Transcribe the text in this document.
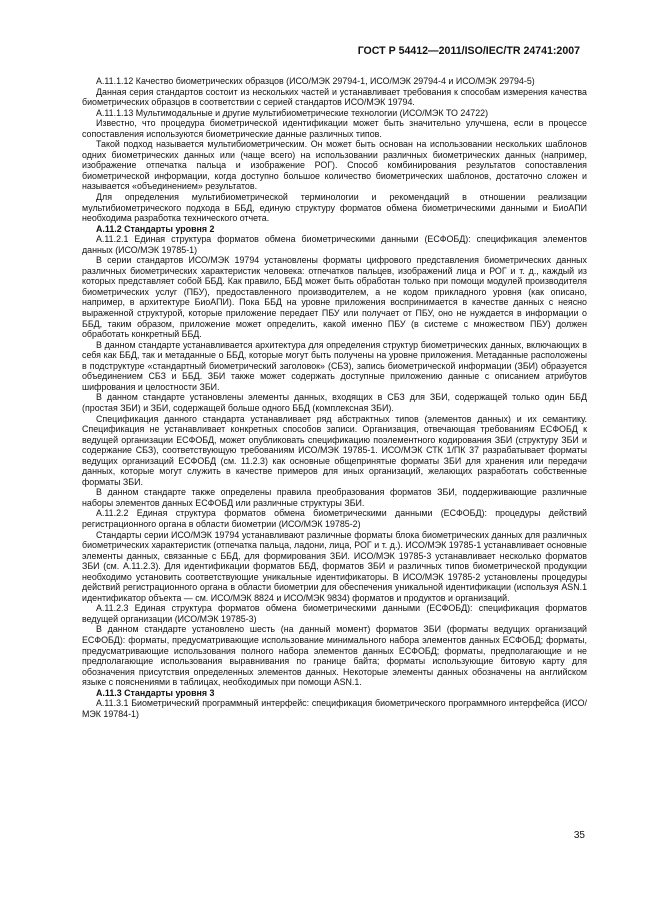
ГОСТ Р 54412—2011/ISO/IEC/TR 24741:2007

А.11.1.12 Качество биометрических образцов (ИСО/МЭК 29794-1, ИСО/МЭК 29794-4 и ИСО/МЭК 29794-5)

Данная серия стандартов состоит из нескольких частей и устанавливает требования к способам измерения качества биометрических образцов в соответствии с серией стандартов ИСО/МЭК 19794.

А.11.1.13 Мультимодальные и другие мультибиометрические технологии (ИСО/МЭК ТО 24722)

Известно, что процедура биометрической идентификации может быть значительно улучшена, если в процессе сопоставления используются биометрические данные различных типов.

Такой подход называется мультибиометрическим. Он может быть основан на использовании нескольких шаблонов одних биометрических данных или (чаще всего) на использовании различных биометрических данных (например, изображение отпечатка пальца и изображение РОГ). Способ комбинирования результатов сопоставления биометрической информации, когда доступно большое количество биометрических шаблонов, достаточно сложен и называется «объединением» результатов.

Для определения мультибиометрической терминологии и рекомендаций в отношении реализации мультибиометрического подхода в ББД, единую структуру форматов обмена биометрическими данными и БиоАПИ необходима разработка технического отчета.

А.11.2 Стандарты уровня 2

А.11.2.1 Единая структура форматов обмена биометрическими данными (ЕСФОБД): спецификация элементов данных (ИСО/МЭК 19785-1)

В серии стандартов ИСО/МЭК 19794 установлены форматы цифрового представления биометрических данных различных биометрических характеристик человека: отпечатков пальцев, изображений лица и РОГ и т. д., каждый из которых представляет собой ББД. Как правило, ББД может быть обработан только при помощи модулей производителя биометрических услуг (ПБУ), предоставленного производителем, а не кодом прикладного уровня (как описано, например, в архитектуре БиоАПИ). Пока ББД на уровне приложения воспринимается в качестве данных с неясно выраженной структурой, которые приложение передает ПБУ или получает от ПБУ, оно не нуждается в информации о ББД, таким образом, приложение может определить, какой именно ПБУ (в системе с множеством ПБУ) должен обработать конкретный ББД.

В данном стандарте устанавливается архитектура для определения структур биометрических данных, включающих в себя как ББД, так и метаданные о ББД, которые могут быть получены на уровне приложения. Метаданные расположены в подструктуре «стандартный биометрический заголовок» (СБЗ), запись биометрической информации (ЗБИ) образуется объединением СБЗ и ББД. ЗБИ также может содержать доступные приложению данные с описанием атрибутов шифрования и целостности ЗБИ.

В данном стандарте установлены элементы данных, входящих в СБЗ для ЗБИ, содержащей только один ББД (простая ЗБИ) и ЗБИ, содержащей больше одного ББД (комплексная ЗБИ).

Спецификация данного стандарта устанавливает ряд абстрактных типов (элементов данных) и их семантику. Спецификация не устанавливает конкретных способов записи. Организация, отвечающая требованиям ЕСФОБД к ведущей организации ЕСФОБД, может опубликовать спецификацию поэлементного кодирования ЗБИ (структуру ЗБИ и содержание СБЗ), соответствующую требованиям ИСО/МЭК 19785-1. ИСО/МЭК СТК 1/ПК 37 разрабатывает форматы ведущих организаций ЕСФОБД (см. 11.2.3) как основные общепринятые форматы ЗБИ для хранения или передачи данных, которые могут служить в качестве примеров для иных организаций, желающих разработать собственные форматы ЗБИ.

В данном стандарте также определены правила преобразования форматов ЗБИ, поддерживающие различные наборы элементов данных ЕСФОБД или различные структуры ЗБИ.

А.11.2.2 Единая структура форматов обмена биометрическими данными (ЕСФОБД): процедуры действий регистрационного органа в области биометрии (ИСО/МЭК 19785-2)

Стандарты серии ИСО/МЭК 19794 устанавливают различные форматы блока биометрических данных для различных биометрических характеристик (отпечатка пальца, ладони, лица, РОГ и т. д.). ИСО/МЭК 19785-1 устанавливает основные элементы данных, связанные с ББД, для формирования ЗБИ. ИСО/МЭК 19785-3 устанавливает несколько форматов ЗБИ (см. А.11.2.3). Для идентификации форматов ББД, форматов ЗБИ и различных типов биометрической продукции необходимо установить соответствующие уникальные идентификаторы. В ИСО/МЭК 19785-2 установлены процедуры действий регистрационного органа в области биометрии для обеспечения уникальной идентификации (используя ASN.1 идентификатор объекта — см. ИСО/МЭК 8824 и ИСО/МЭК 9834) форматов и продуктов и организаций.

А.11.2.3 Единая структура форматов обмена биометрическими данными (ЕСФОБД): спецификация форматов ведущей организации (ИСО/МЭК 19785-3)

В данном стандарте установлено шесть (на данный момент) форматов ЗБИ (форматы ведущих организаций ЕСФОБД): форматы, предусматривающие использование минимального набора элементов данных ЕСФОБД; форматы, предусматривающие использования полного набора элементов данных ЕСФОБД; форматы, предполагающие и не предполагающие использования выравнивания по границе байта; форматы использующие битовую карту для обозначения присутствия определенных элементов данных. Некоторые элементы данных обозначены на английском языке с пояснениями в таблицах, необходимых при помощи ASN.1.

А.11.3 Стандарты уровня 3

А.11.3.1 Биометрический программный интерфейс: спецификация биометрического программного интерфейса (ИСО/МЭК 19784-1)

35
